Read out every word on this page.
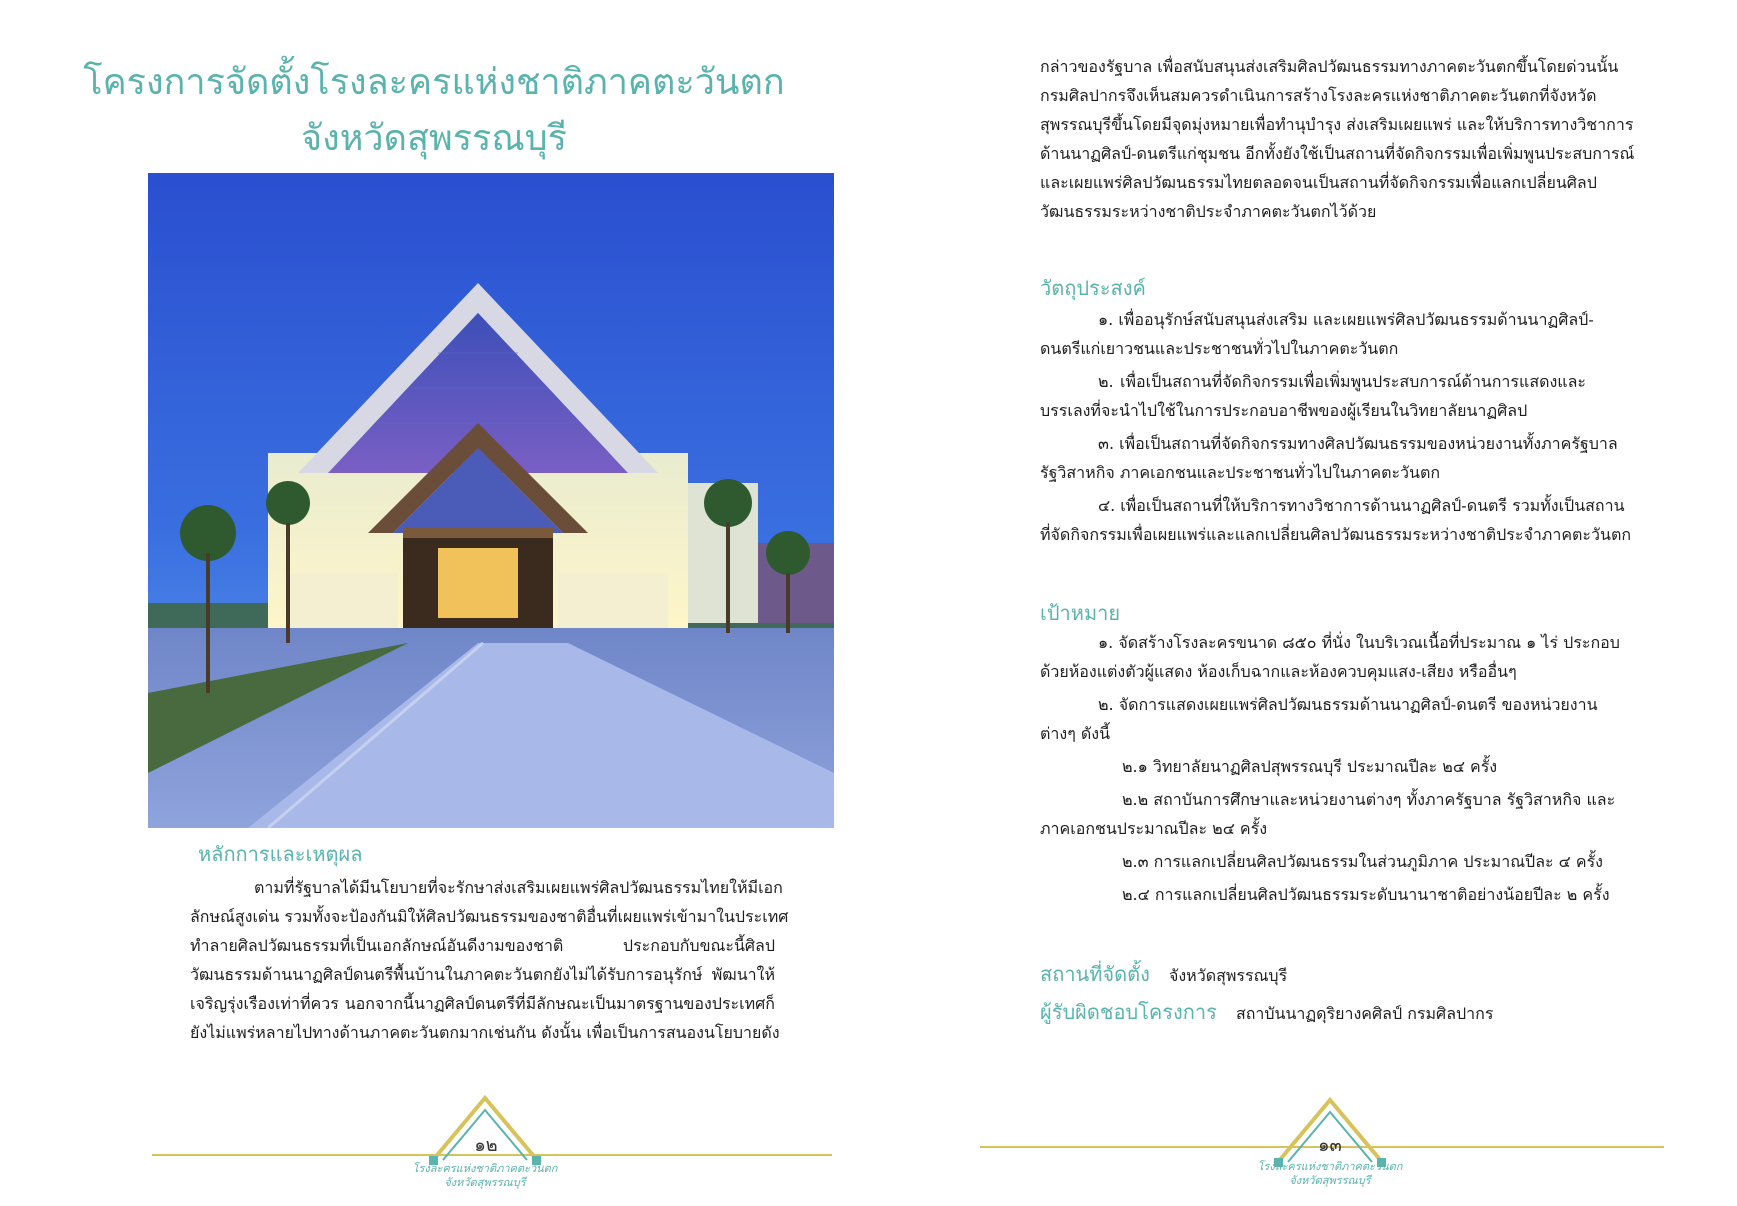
โครงการจัดตั้งโรงละครแห่งชาติภาคตะวันตก
จังหวัดสุพรรณบุรี
หลักการและเหตุผล
ตามที่รัฐบาลได้มีนโยบายที่จะรักษาส่งเสริมเผยแพร่ศิลปวัฒนธรรมไทยให้มีเอก
ลักษณ์สูงเด่น รวมทั้งจะป้องกันมิให้ศิลปวัฒนธรรมของชาติอื่นที่เผยแพร่เข้ามาในประเทศ
ทำลายศิลปวัฒนธรรมที่เป็นเอกลักษณ์อันดีงามของชาติ ประกอบกับขณะนี้ศิลป
วัฒนธรรมด้านนาฏศิลป์ดนตรีพื้นบ้านในภาคตะวันตกยังไม่ได้รับการอนุรักษ์ พัฒนาให้
เจริญรุ่งเรืองเท่าที่ควร นอกจากนี้นาฏศิลป์ดนตรีที่มีลักษณะเป็นมาตรฐานของประเทศก็
ยังไม่แพร่หลายไปทางด้านภาคตะวันตกมากเช่นกัน ดังนั้น เพื่อเป็นการสนองนโยบายดัง
๑๒
โรงละครแห่งชาติภาคตะวันตก
จังหวัดสุพรรณบุรี
กล่าวของรัฐบาล เพื่อสนับสนุนส่งเสริมศิลปวัฒนธรรมทางภาคตะวันตกขึ้นโดยด่วนนั้น
กรมศิลปากรจึงเห็นสมควรดำเนินการสร้างโรงละครแห่งชาติภาคตะวันตกที่จังหวัด
สุพรรณบุรีขึ้นโดยมีจุดมุ่งหมายเพื่อทำนุบำรุง ส่งเสริมเผยแพร่ และให้บริการทางวิชาการ
ด้านนาฏศิลป์-ดนตรีแก่ชุมชน อีกทั้งยังใช้เป็นสถานที่จัดกิจกรรมเพื่อเพิ่มพูนประสบการณ์
และเผยแพร่ศิลปวัฒนธรรมไทยตลอดจนเป็นสถานที่จัดกิจกรรมเพื่อแลกเปลี่ยนศิลป
วัฒนธรรมระหว่างชาติประจำภาคตะวันตกไว้ด้วย
วัตถุประสงค์
๑. เพื่ออนุรักษ์สนับสนุนส่งเสริม และเผยแพร่ศิลปวัฒนธรรมด้านนาฏศิลป์-
ดนตรีแก่เยาวชนและประชาชนทั่วไปในภาคตะวันตก
๒. เพื่อเป็นสถานที่จัดกิจกรรมเพื่อเพิ่มพูนประสบการณ์ด้านการแสดงและ
บรรเลงที่จะนำไปใช้ในการประกอบอาชีพของผู้เรียนในวิทยาลัยนาฏศิลป
๓. เพื่อเป็นสถานที่จัดกิจกรรมทางศิลปวัฒนธรรมของหน่วยงานทั้งภาครัฐบาล
รัฐวิสาหกิจ ภาคเอกชนและประชาชนทั่วไปในภาคตะวันตก
๔. เพื่อเป็นสถานที่ให้บริการทางวิชาการด้านนาฏศิลป์-ดนตรี รวมทั้งเป็นสถาน
ที่จัดกิจกรรมเพื่อเผยแพร่และแลกเปลี่ยนศิลปวัฒนธรรมระหว่างชาติประจำภาคตะวันตก
เป้าหมาย
๑. จัดสร้างโรงละครขนาด ๘๕๐ ที่นั่ง ในบริเวณเนื้อที่ประมาณ ๑ ไร่ ประกอบ
ด้วยห้องแต่งตัวผู้แสดง ห้องเก็บฉากและห้องควบคุมแสง-เสียง หรืออื่นๆ
๒. จัดการแสดงเผยแพร่ศิลปวัฒนธรรมด้านนาฏศิลป์-ดนตรี ของหน่วยงาน
ต่างๆ ดังนี้
๒.๑ วิทยาลัยนาฏศิลปสุพรรณบุรี ประมาณปีละ ๒๔ ครั้ง
๒.๒ สถาบันการศึกษาและหน่วยงานต่างๆ ทั้งภาครัฐบาล รัฐวิสาหกิจ และ
ภาคเอกชนประมาณปีละ ๒๔ ครั้ง
๒.๓ การแลกเปลี่ยนศิลปวัฒนธรรมในส่วนภูมิภาค ประมาณปีละ ๔ ครั้ง
๒.๔ การแลกเปลี่ยนศิลปวัฒนธรรมระดับนานาชาติอย่างน้อยปีละ ๒ ครั้ง
สถานที่จัดตั้ง จังหวัดสุพรรณบุรี
ผู้รับผิดชอบโครงการ สถาบันนาฏดุริยางคศิลป์ กรมศิลปากร
๑๓
โรงละครแห่งชาติภาคตะวันตก
จังหวัดสุพรรณบุรี
